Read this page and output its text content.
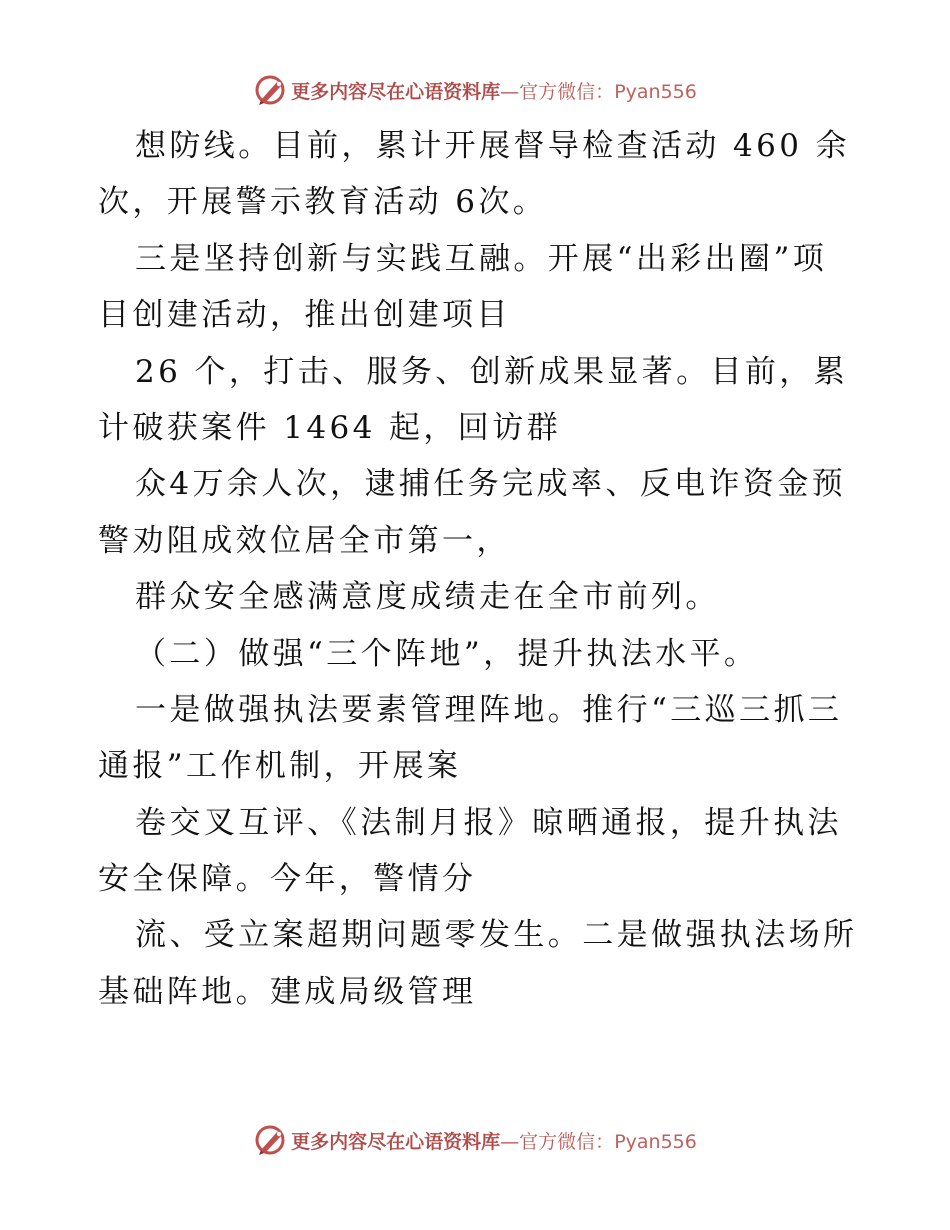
更多内容尽在心语资料库—官方微信：Pyan556
想防线。目前，累计开展督导检查活动 460 余
次，开展警示教育活动 6次。
三是坚持创新与实践互融。开展“出彩出圈”项
目创建活动，推出创建项目
26 个，打击、服务、创新成果显著。目前，累
计破获案件 1464 起，回访群
众4万余人次，逮捕任务完成率、反电诈资金预
警劝阻成效位居全市第一，
群众安全感满意度成绩走在全市前列。
（二）做强“三个阵地”，提升执法水平。
一是做强执法要素管理阵地。推行“三巡三抓三
通报”工作机制，开展案
卷交叉互评、《法制月报》晾晒通报，提升执法
安全保障。今年，警情分
流、受立案超期问题零发生。二是做强执法场所
基础阵地。建成局级管理
更多内容尽在心语资料库—官方微信：Pyan556
